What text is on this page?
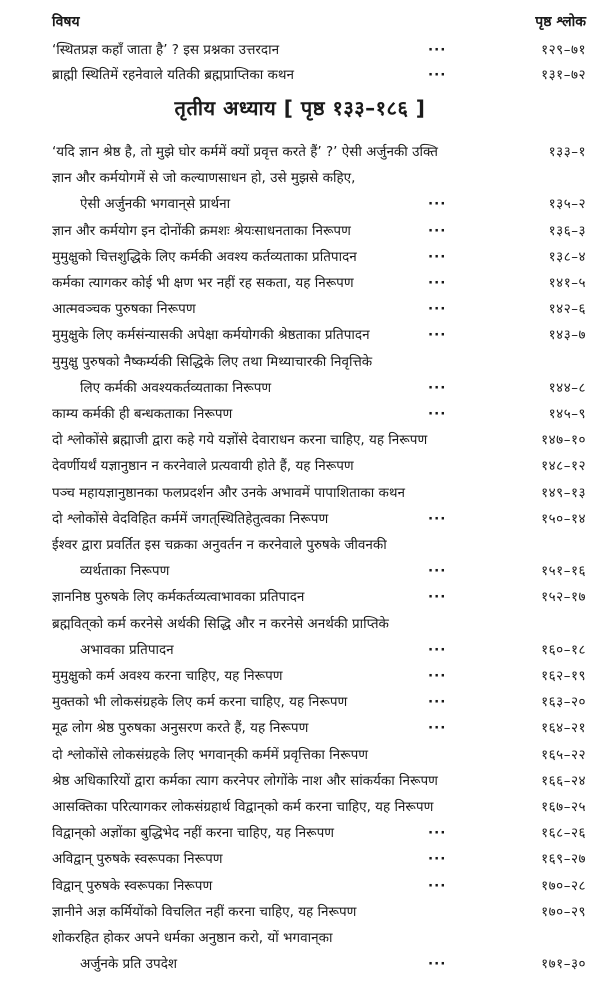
विषय	पृष्ठ श्लोक
‘स्थितप्रज्ञ कहाँ जाता है’ ? इस प्रश्नका उत्तरदान	···	१२९–७१
ब्राह्मी स्थितिमें रहनेवाले यतिकी ब्रह्मप्राप्तिका कथन	···	१३१–७२
तृतीय अध्याय [ पृष्ठ १३३–१८६ ]
‘यदि ज्ञान श्रेष्ठ है, तो मुझे घोर कर्ममें क्यों प्रवृत्त करते हैं’ ?’ ऐसी अर्जुनकी उक्ति	१३३–१
ज्ञान और कर्मयोगमें से जो कल्याणसाधन हो, उसे मुझसे कहिए,
ऐसी अर्जुनकी भगवान्‌से प्रार्थना	···	१३५–२
ज्ञान और कर्मयोग इन दोनोंकी क्रमशः श्रेयःसाधनताका निरूपण	···	१३६–३
मुमुक्षुको चित्तशुद्धिके लिए कर्मकी अवश्य कर्तव्यताका प्रतिपादन	···	१३८–४
कर्मका त्यागकर कोई भी क्षण भर नहीं रह सकता, यह निरूपण	···	१४१–५
आत्मवञ्चक पुरुषका निरूपण	···	१४२–६
मुमुक्षुके लिए कर्मसंन्यासकी अपेक्षा कर्मयोगकी श्रेष्ठताका प्रतिपादन	···	१४३–७
मुमुक्षु पुरुषको नैष्कर्म्यकी सिद्धिके लिए तथा मिथ्याचारकी निवृत्तिके
लिए कर्मकी अवश्यकर्तव्यताका निरूपण	···	१४४–८
काम्य कर्मकी ही बन्धकताका निरूपण	···	१४५–९
दो श्लोकोंसे ब्रह्माजी द्वारा कहे गये यज्ञोंसे देवाराधन करना चाहिए, यह निरूपण	१४७–१०
देवर्णीयर्थं यज्ञानुष्ठान न करनेवाले प्रत्यवायी होते हैं, यह निरूपण	१४८–१२
पञ्च महायज्ञानुष्ठानका फलप्रदर्शन और उनके अभावमें पापाशिताका कथन	१४९–१३
दो श्लोकोंसे वेदविहित कर्ममें जगत्‌स्थितिहेतुत्वका निरूपण	···	१५०–१४
ईश्वर द्वारा प्रवर्तित इस चक्रका अनुवर्तन न करनेवाले पुरुषके जीवनकी
व्यर्थताका निरूपण	···	१५१–१६
ज्ञाननिष्ठ पुरुषके लिए कर्मकर्तव्यत्वाभावका प्रतिपादन	···	१५२–१७
ब्रह्मवित्‌को कर्म करनेसे अर्थकी सिद्धि और न करनेसे अनर्थकी प्राप्तिके
अभावका प्रतिपादन	···	१६०–१८
मुमुक्षुको कर्म अवश्य करना चाहिए, यह निरूपण	···	१६२–१९
मुक्तको भी लोकसंग्रहके लिए कर्म करना चाहिए, यह निरूपण	···	१६३–२०
मूढ लोग श्रेष्ठ पुरुषका अनुसरण करते हैं, यह निरूपण	···	१६४–२१
दो श्लोकोंसे लोकसंग्रहके लिए भगवान्‌की कर्ममें प्रवृत्तिका निरूपण	१६५–२२
श्रेष्ठ अधिकारियों द्वारा कर्मका त्याग करनेपर लोगोंके नाश और सांकर्यका निरूपण	१६६–२४
आसक्तिका परित्यागकर लोकसंग्रहार्थ विद्वान्‌को कर्म करना चाहिए, यह निरूपण	१६७–२५
विद्वान्‌को अज्ञोंका बुद्धिभेद नहीं करना चाहिए, यह निरूपण	···	१६८–२६
अविद्वान् पुरुषके स्वरूपका निरूपण	···	१६९–२७
विद्वान् पुरुषके स्वरूपका निरूपण	···	१७०–२८
ज्ञानीने अज्ञ कर्मियोंको विचलित नहीं करना चाहिए, यह निरूपण	१७०–२९
शोकरहित होकर अपने धर्मका अनुष्ठान करो, यों भगवान्‌का
अर्जुनके प्रति उपदेश	···	१७१–३०
